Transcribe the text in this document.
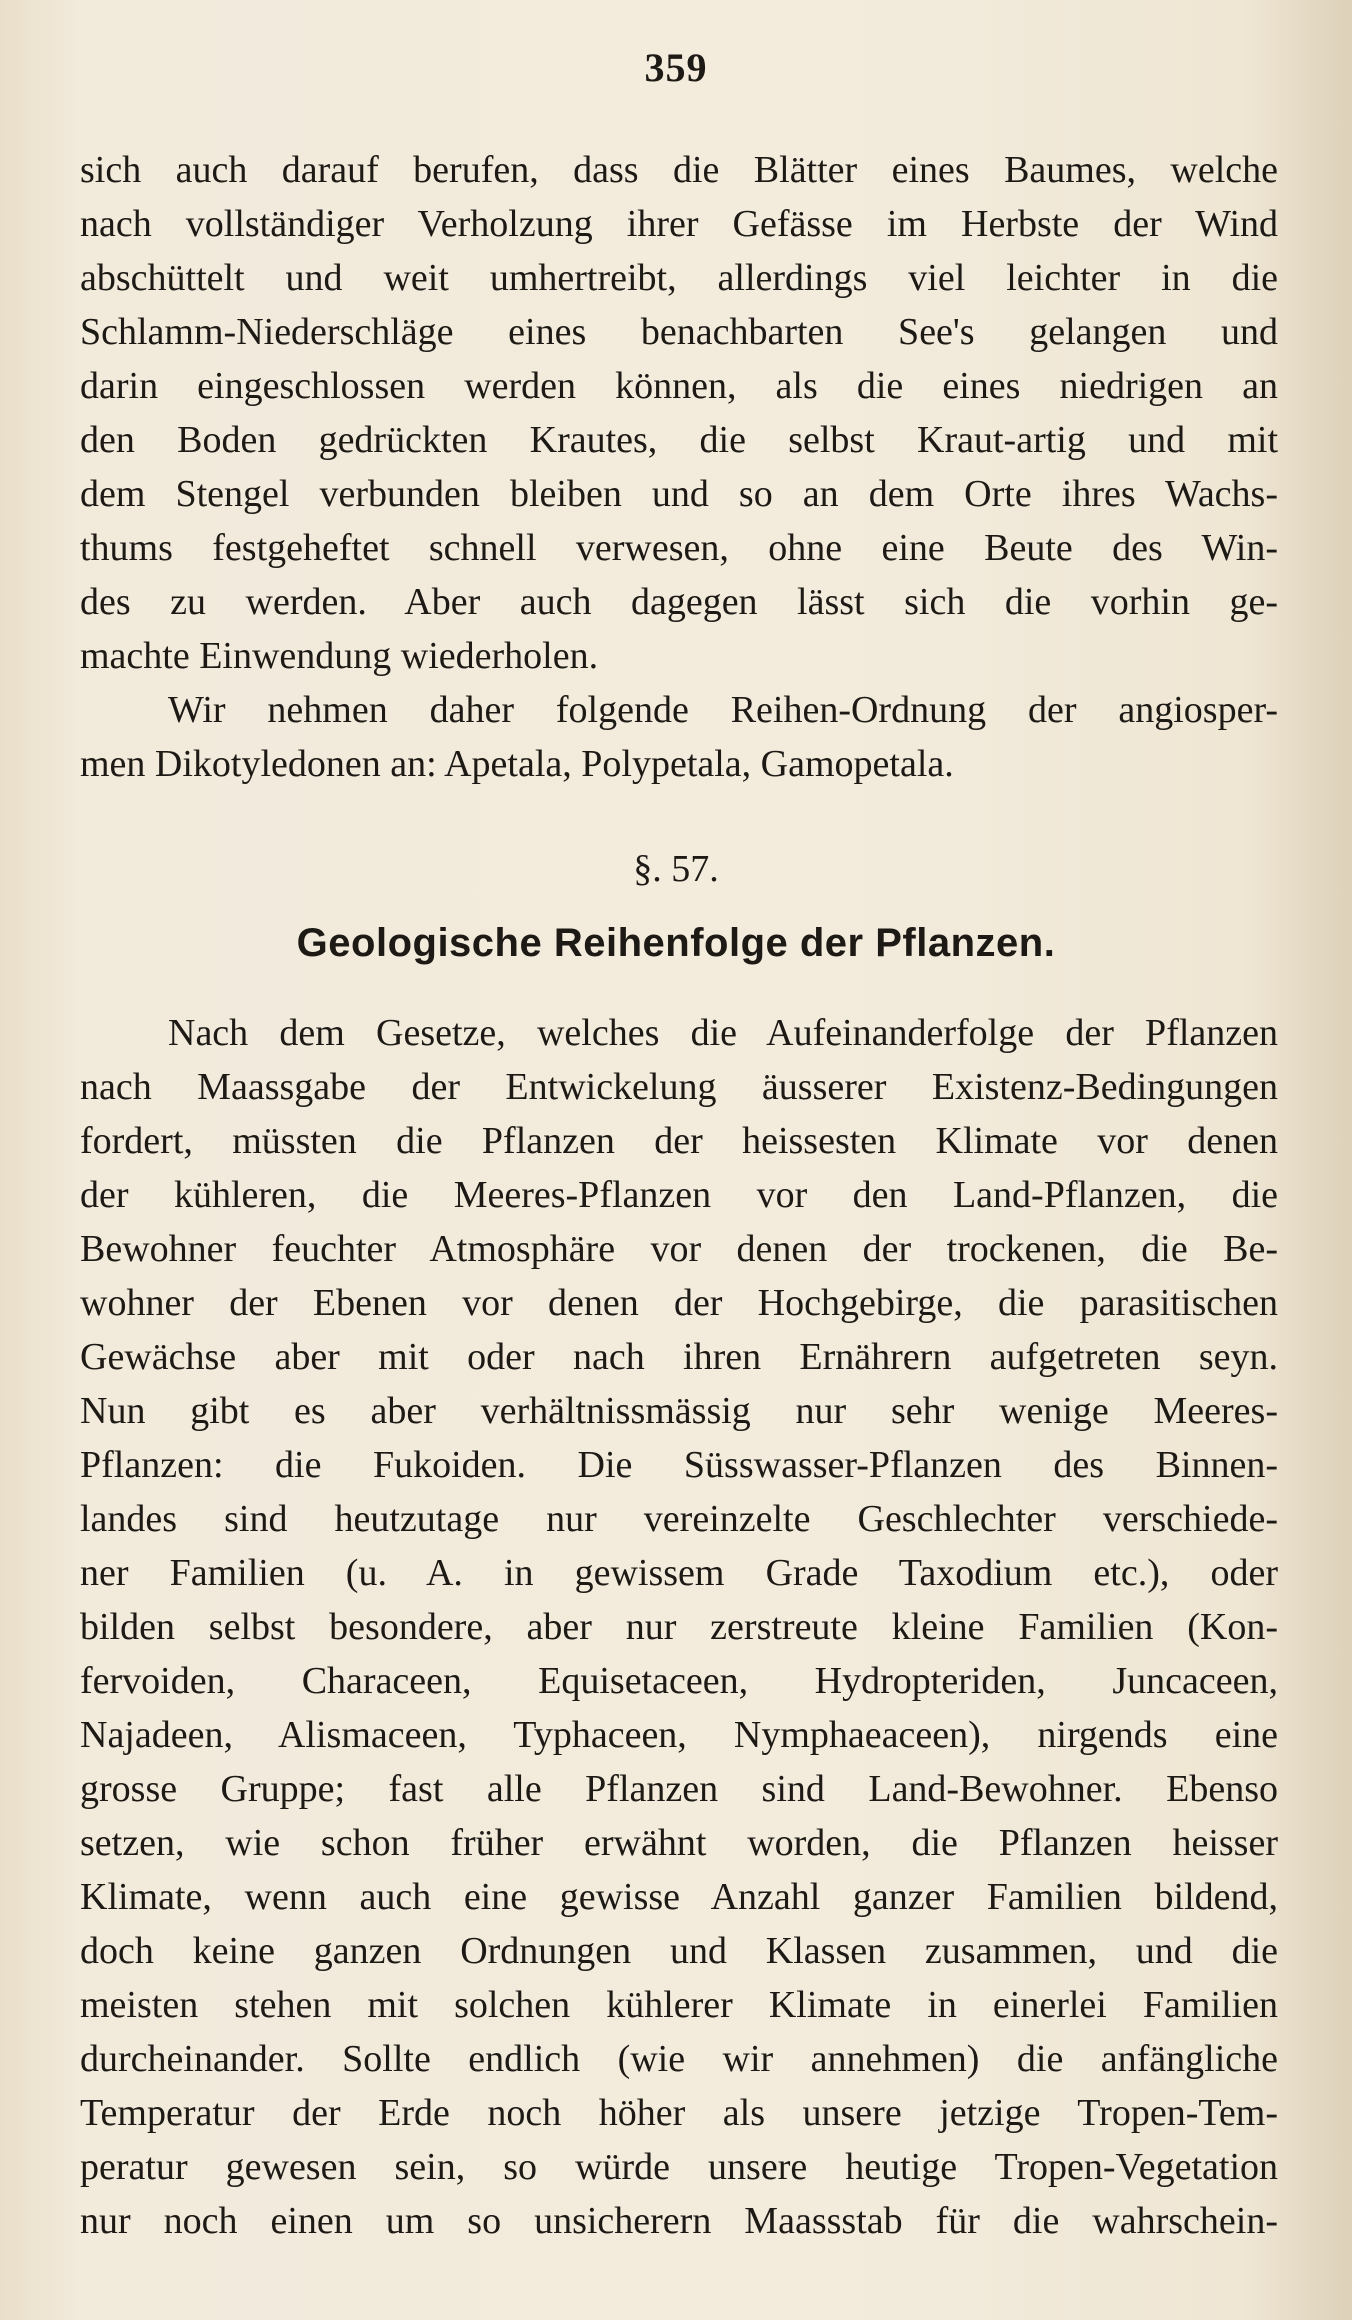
359
sich auch darauf berufen, dass die Blätter eines Baumes, welche
nach vollständiger Verholzung ihrer Gefässe im Herbste der Wind
abschüttelt und weit umhertreibt, allerdings viel leichter in die
Schlamm-Niederschläge eines benachbarten See's gelangen und
darin eingeschlossen werden können, als die eines niedrigen an
den Boden gedrückten Krautes, die selbst Kraut-artig und mit
dem Stengel verbunden bleiben und so an dem Orte ihres Wachs-
thums festgeheftet schnell verwesen, ohne eine Beute des Win-
des zu werden. Aber auch dagegen lässt sich die vorhin ge-
machte Einwendung wiederholen.
Wir nehmen daher folgende Reihen-Ordnung der angiosper-
men Dikotyledonen an: Apetala, Polypetala, Gamopetala.
§. 57.
Geologische Reihenfolge der Pflanzen.
Nach dem Gesetze, welches die Aufeinanderfolge der Pflanzen
nach Maassgabe der Entwickelung äusserer Existenz-Bedingungen
fordert, müssten die Pflanzen der heissesten Klimate vor denen
der kühleren, die Meeres-Pflanzen vor den Land-Pflanzen, die
Bewohner feuchter Atmosphäre vor denen der trockenen, die Be-
wohner der Ebenen vor denen der Hochgebirge, die parasitischen
Gewächse aber mit oder nach ihren Ernährern aufgetreten seyn.
Nun gibt es aber verhältnissmässig nur sehr wenige Meeres-
Pflanzen: die Fukoiden. Die Süsswasser-Pflanzen des Binnen-
landes sind heutzutage nur vereinzelte Geschlechter verschiede-
ner Familien (u. A. in gewissem Grade Taxodium etc.), oder
bilden selbst besondere, aber nur zerstreute kleine Familien (Kon-
fervoiden, Characeen, Equisetaceen, Hydropteriden, Juncaceen,
Najadeen, Alismaceen, Typhaceen, Nymphaeaceen), nirgends eine
grosse Gruppe; fast alle Pflanzen sind Land-Bewohner. Ebenso
setzen, wie schon früher erwähnt worden, die Pflanzen heisser
Klimate, wenn auch eine gewisse Anzahl ganzer Familien bildend,
doch keine ganzen Ordnungen und Klassen zusammen, und die
meisten stehen mit solchen kühlerer Klimate in einerlei Familien
durcheinander. Sollte endlich (wie wir annehmen) die anfängliche
Temperatur der Erde noch höher als unsere jetzige Tropen-Tem-
peratur gewesen sein, so würde unsere heutige Tropen-Vegetation
nur noch einen um so unsicherern Maassstab für die wahrschein-
